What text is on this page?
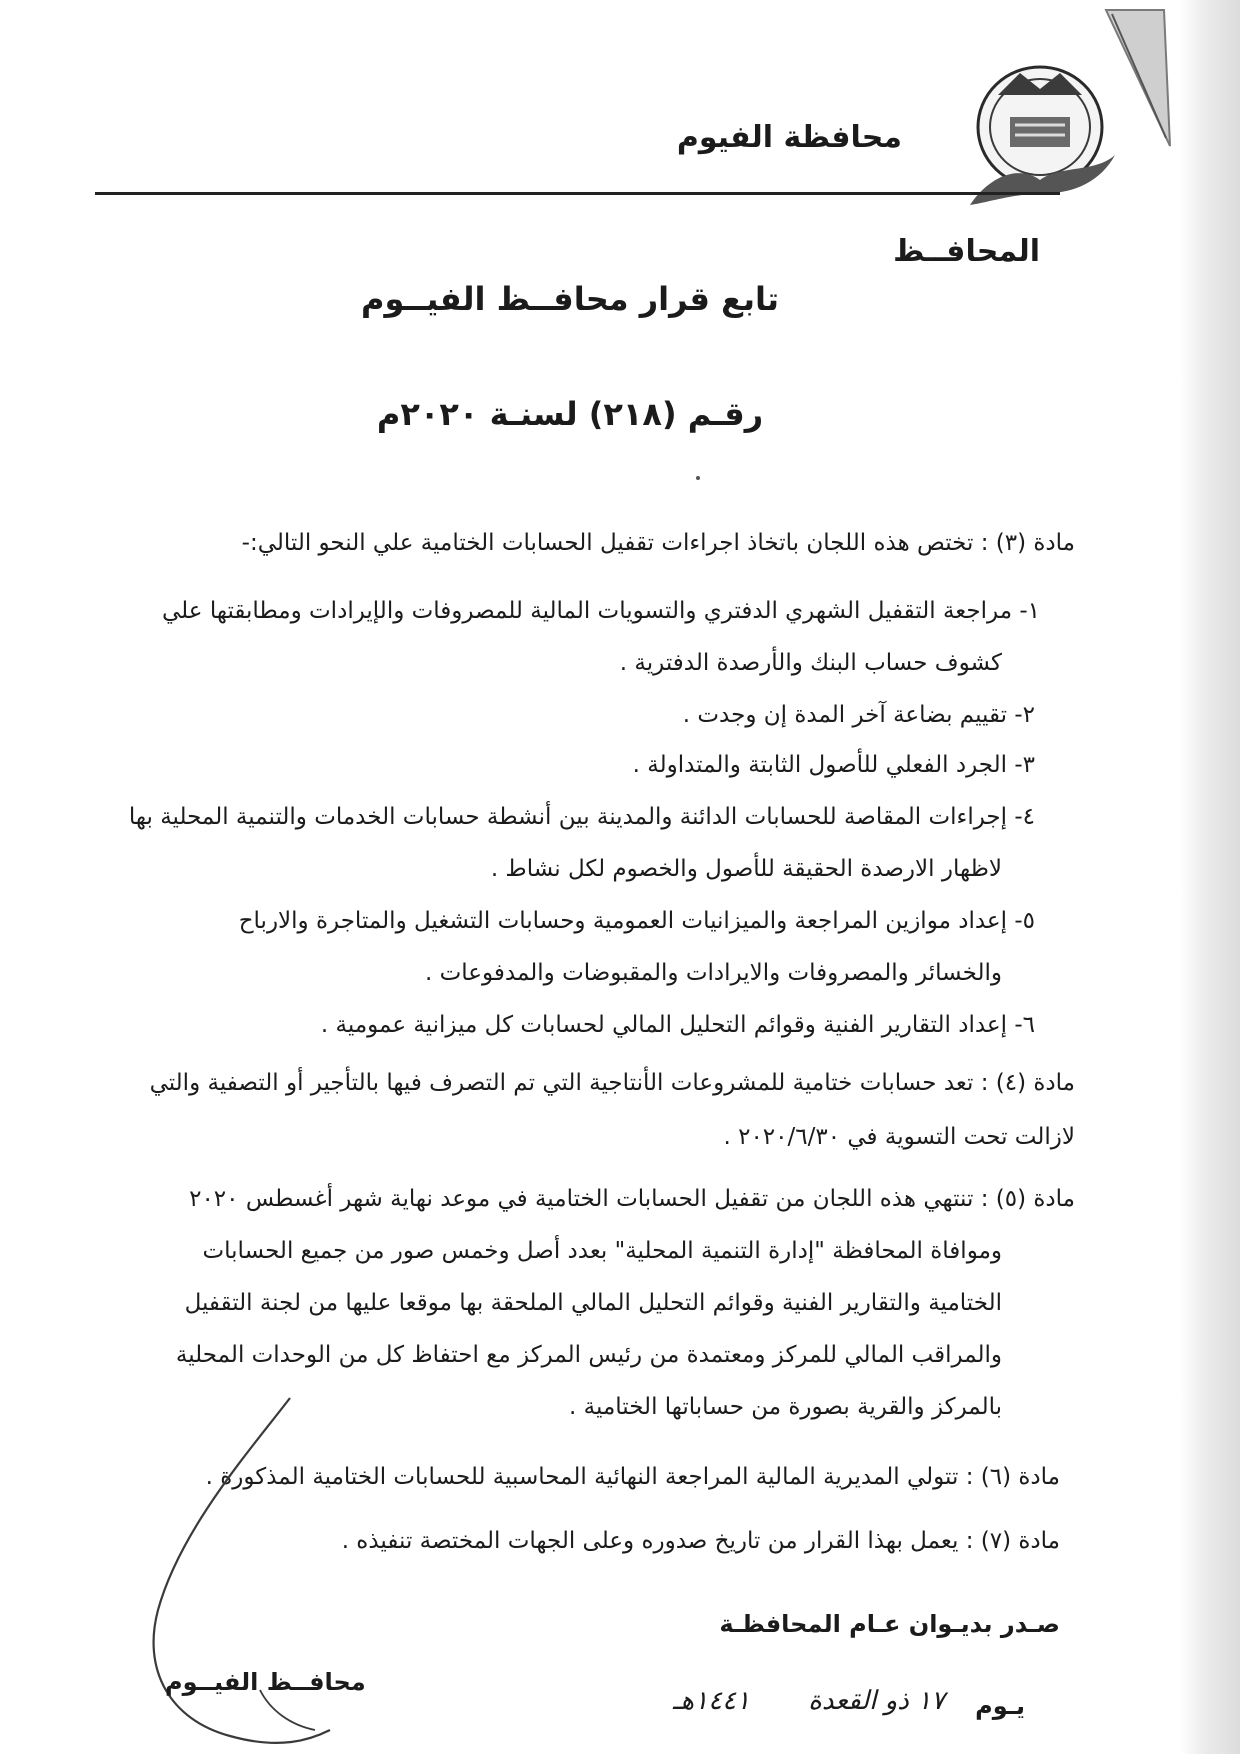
محافظة الفيوم
المحافــظ
تابع قرار محافــظ الفيــوم
رقـم (٢١٨) لسنـة ٢٠٢٠م
مادة (٣) : تختص هذه اللجان باتخاذ اجراءات تقفيل الحسابات الختامية علي النحو التالي:-
١- مراجعة التقفيل الشهري الدفتري والتسويات المالية للمصروفات والإيرادات ومطابقتها علي
كشوف حساب البنك والأرصدة الدفترية .
٢- تقييم بضاعة آخر المدة إن وجدت .
٣- الجرد الفعلي للأصول الثابتة والمتداولة .
٤- إجراءات المقاصة للحسابات الدائنة والمدينة بين أنشطة حسابات الخدمات والتنمية المحلية بها
لاظهار الارصدة الحقيقة للأصول والخصوم لكل نشاط .
٥- إعداد موازين المراجعة والميزانيات العمومية وحسابات التشغيل والمتاجرة والارباح
والخسائر والمصروفات والايرادات والمقبوضات والمدفوعات .
٦- إعداد التقارير الفنية وقوائم التحليل المالي لحسابات كل ميزانية عمومية .
مادة (٤) : تعد حسابات ختامية للمشروعات الأنتاجية التي تم التصرف فيها بالتأجير أو التصفية والتي
لازالت تحت التسوية في ٢٠٢٠/٦/٣٠ .
مادة (٥) : تنتهي هذه اللجان من تقفيل الحسابات الختامية في موعد نهاية شهر أغسطس ٢٠٢٠
وموافاة المحافظة "إدارة التنمية المحلية" بعدد أصل وخمس صور من جميع الحسابات
الختامية والتقارير الفنية وقوائم التحليل المالي الملحقة بها موقعا عليها من لجنة التقفيل
والمراقب المالي للمركز ومعتمدة من رئيس المركز مع احتفاظ كل من الوحدات المحلية
بالمركز والقرية بصورة من حساباتها الختامية .
مادة (٦) : تتولي المديرية المالية المراجعة النهائية المحاسبية للحسابات الختامية المذكورة .
مادة (٧) : يعمل بهذا القرار من تاريخ صدوره وعلى الجهات المختصة تنفيذه .
صـدر بديـوان عـام المحافظـة
يـوم
١٧ ذو القعدة
١٤٤١هـ
محافــظ الفيــوم
